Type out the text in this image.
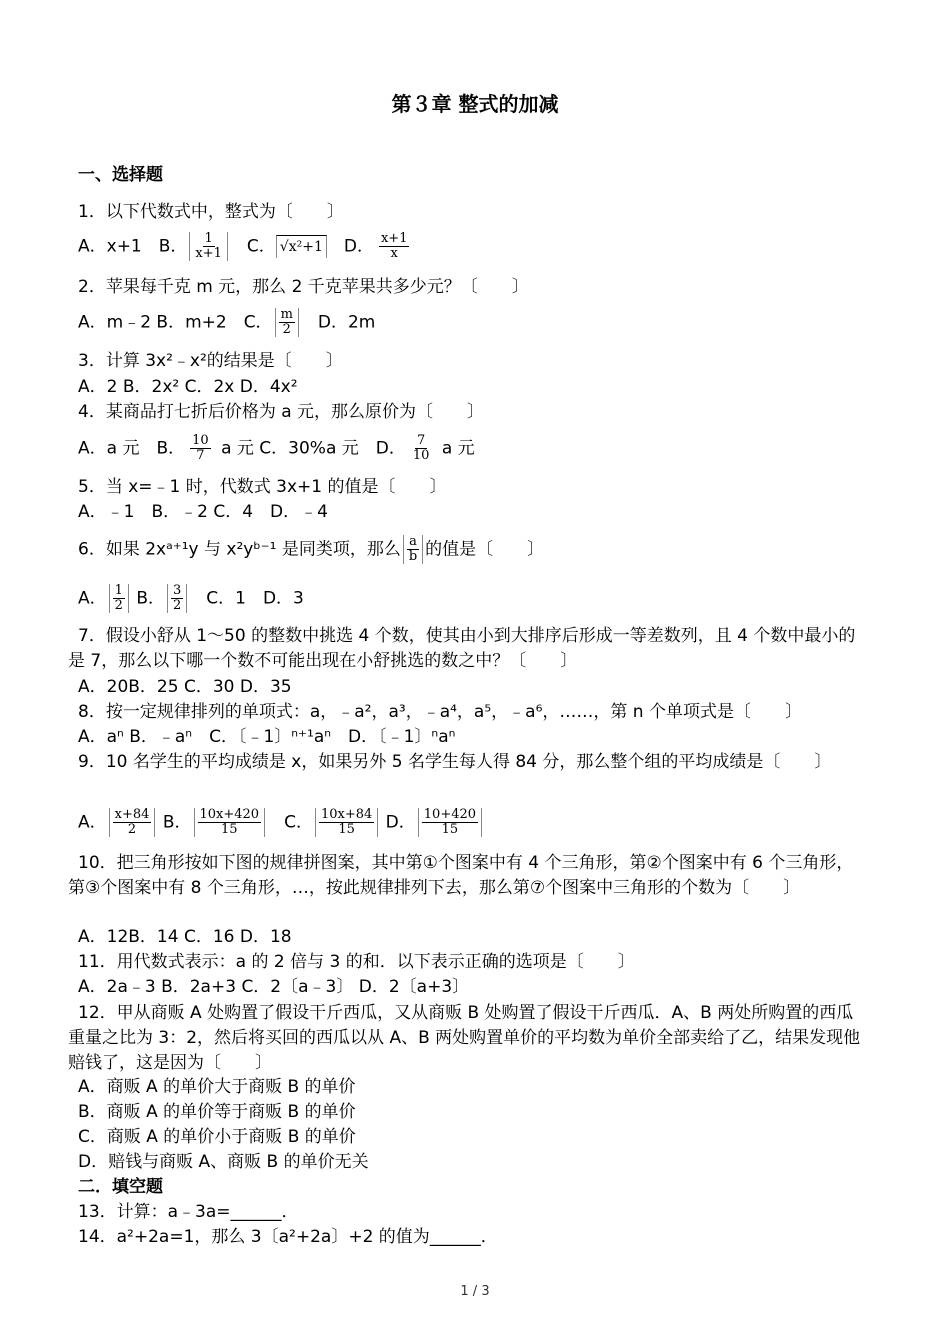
第３章 整式的加减
一、选择题
1．以下代数式中，整式为〔　　〕
A．x+1　B． $\frac{1}{x+1}$ 　C． √x²+1　D． $\frac{x+1}{x}$
2．苹果每千克 m 元，那么 2 千克苹果共多少元？〔　　〕
A．m﹣2 B．m+2　C． $\frac{m}{2}$ 　D．2m
3．计算 3x²﹣x²的结果是〔　　〕
A．2 B．2x² C．2x D．4x²
4．某商品打七折后价格为 a 元，那么原价为〔　　〕
A．a 元　B． $\frac{10}{7}$ a 元 C．30%a 元　D． $\frac{7}{10}$ a 元
5．当 x=﹣1 时，代数式 3x+1 的值是〔　　〕
A．﹣1　B．﹣2 C．4　D．﹣4
6．如果 2xᵃ⁺¹y 与 x²yᵇ⁻¹ 是同类项，那么 $\frac{a}{b}$ 的值是〔　　〕
A． $\frac{1}{2}$ B． $\frac{3}{2}$ 　C．1　D．3
7．假设小舒从 1～50 的整数中挑选 4 个数，使其由小到大排序后形成一等差数列，且 4 个数中最小的是 7，那么以下哪一个数不可能出现在小舒挑选的数之中？〔　　〕
A．20B．25 C．30 D．35
8．按一定规律排列的单项式：a，﹣a²，a³，﹣a⁴，a⁵，﹣a⁶，……，第 n 个单项式是〔　　〕
A．aⁿ B．﹣aⁿ　C．〔﹣1〕ⁿ⁺¹aⁿ　D．〔﹣1〕ⁿaⁿ
9．10 名学生的平均成绩是 x，如果另外 5 名学生每人得 84 分，那么整个组的平均成绩是〔　　〕
A． $\frac{x+84}{2}$ B． $\frac{10x+420}{15}$ 　C． $\frac{10x+84}{15}$ D． $\frac{10+420}{15}$
10．把三角形按如下图的规律拼图案，其中第①个图案中有 4 个三角形，第②个图案中有 6 个三角形，第③个图案中有 8 个三角形，…，按此规律排列下去，那么第⑦个图案中三角形的个数为〔　　〕
A．12B．14 C．16 D．18
11．用代数式表示：a 的 2 倍与 3 的和．以下表示正确的选项是〔　　〕
A．2a﹣3 B．2a+3 C．2〔a﹣3〕 D．2〔a+3〕
12．甲从商贩 A 处购置了假设干斤西瓜，又从商贩 B 处购置了假设干斤西瓜．A、B 两处所购置的西瓜重量之比为 3：2，然后将买回的西瓜以从 A、B 两处购置单价的平均数为单价全部卖给了乙，结果发现他赔钱了，这是因为〔　　〕
A．商贩 A 的单价大于商贩 B 的单价
B．商贩 A 的单价等于商贩 B 的单价
C．商贩 A 的单价小于商贩 B 的单价
D．赔钱与商贩 A、商贩 B 的单价无关
二．填空题
13．计算：a﹣3a=______．
14．a²+2a=1，那么 3〔a²+2a〕+2 的值为______．
1 / 3
